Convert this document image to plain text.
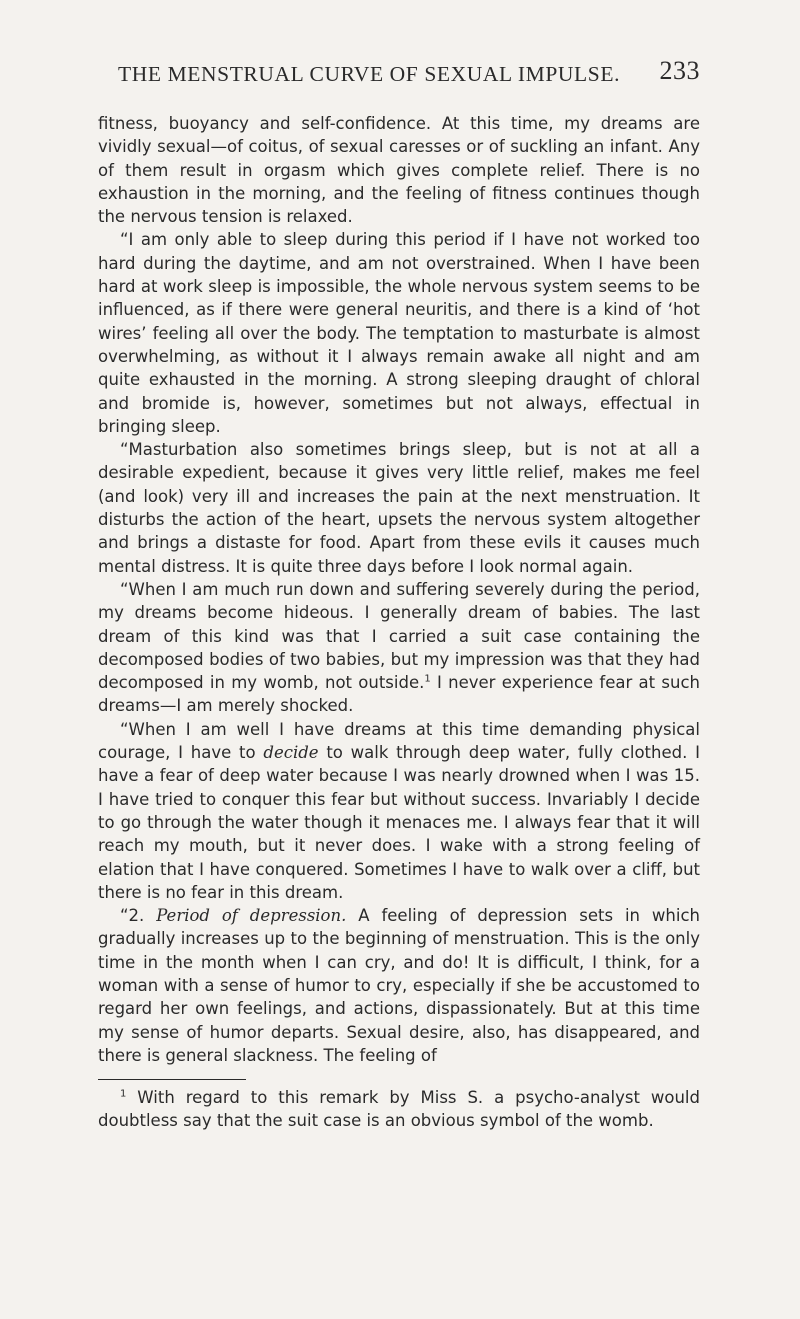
THE MENSTRUAL CURVE OF SEXUAL IMPULSE. 233

fitness, buoyancy and self-confidence. At this time, my dreams are vividly sexual—of coitus, of sexual caresses or of suckling an infant. Any of them result in orgasm which gives complete relief. There is no exhaustion in the morning, and the feeling of fitness continues though the nervous tension is relaxed.

“I am only able to sleep during this period if I have not worked too hard during the daytime, and am not overstrained. When I have been hard at work sleep is impossible, the whole nervous system seems to be influenced, as if there were general neuritis, and there is a kind of ‘hot wires’ feeling all over the body. The temptation to masturbate is almost overwhelming, as without it I always remain awake all night and am quite exhausted in the morning. A strong sleeping draught of chloral and bromide is, however, sometimes but not always, effectual in bringing sleep.

“Masturbation also sometimes brings sleep, but is not at all a desirable expedient, because it gives very little relief, makes me feel (and look) very ill and increases the pain at the next menstruation. It disturbs the action of the heart, upsets the nervous system altogether and brings a distaste for food. Apart from these evils it causes much mental distress. It is quite three days before I look normal again.

“When I am much run down and suffering severely during the period, my dreams become hideous. I generally dream of babies. The last dream of this kind was that I carried a suit case containing the decomposed bodies of two babies, but my impression was that they had decomposed in my womb, not outside.$^1$ I never experience fear at such dreams—I am merely shocked.

“When I am well I have dreams at this time demanding physical courage, I have to decide to walk through deep water, fully clothed. I have a fear of deep water because I was nearly drowned when I was 15. I have tried to conquer this fear but without success. Invariably I decide to go through the water though it menaces me. I always fear that it will reach my mouth, but it never does. I wake with a strong feeling of elation that I have conquered. Sometimes I have to walk over a cliff, but there is no fear in this dream.

“2. Period of depression. A feeling of depression sets in which gradually increases up to the beginning of menstruation. This is the only time in the month when I can cry, and do! It is difficult, I think, for a woman with a sense of humor to cry, especially if she be accustomed to regard her own feelings, and actions, dispassionately. But at this time my sense of humor departs. Sexual desire, also, has disappeared, and there is general slackness. The feeling of

$^1$ With regard to this remark by Miss S. a psycho-analyst would doubtless say that the suit case is an obvious symbol of the womb.
